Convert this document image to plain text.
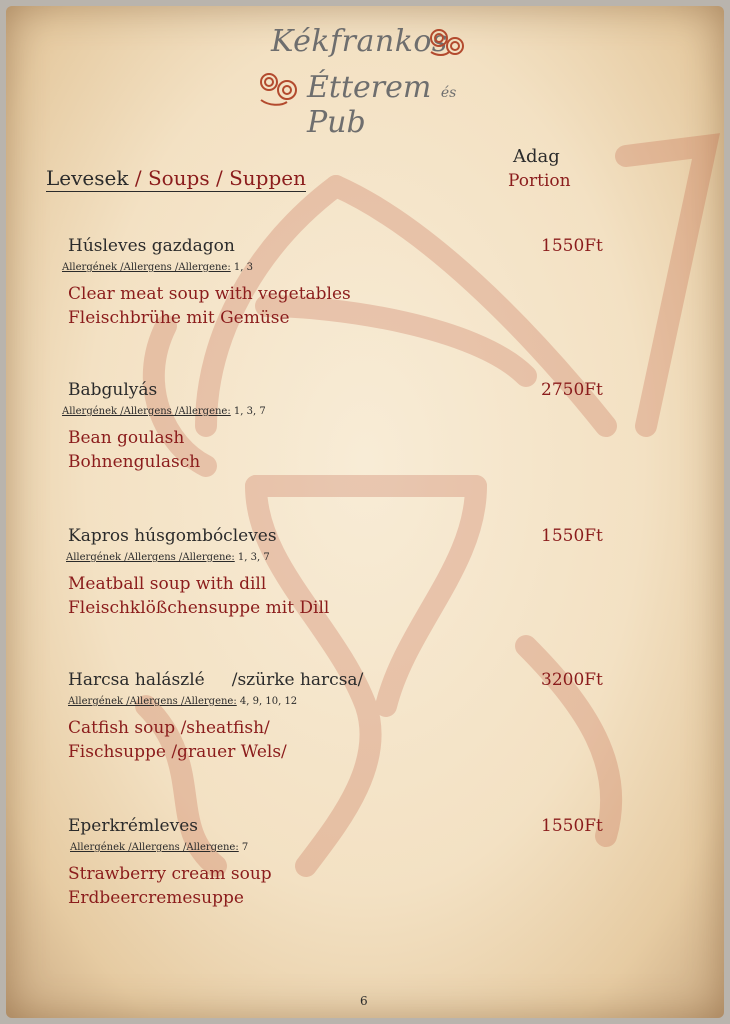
Kékfrankos
Étterem és Pub
Levesek / Soups / Suppen
Adag
Portion
Húsleves gazdagon	1550Ft
Allergének /Allergens /Allergene: 1, 3
Clear meat soup with vegetables
Fleischbrühe mit Gemüse
Babgulyás	2750Ft
Allergének /Allergens /Allergene: 1, 3, 7
Bean goulash
Bohnengulasch
Kapros húsgombócleves	1550Ft
Allergének /Allergens /Allergene: 1, 3, 7
Meatball soup with dill
Fleischklößchensuppe mit Dill
Harcsa halászlé     /szürke harcsa/	3200Ft
Allergének /Allergens /Allergene: 4, 9, 10, 12
Catfish soup /sheatfish/
Fischsuppe /grauer Wels/
Eperkrémleves	1550Ft
Allergének /Allergens /Allergene: 7
Strawberry cream soup
Erdbeercremesuppe
6
